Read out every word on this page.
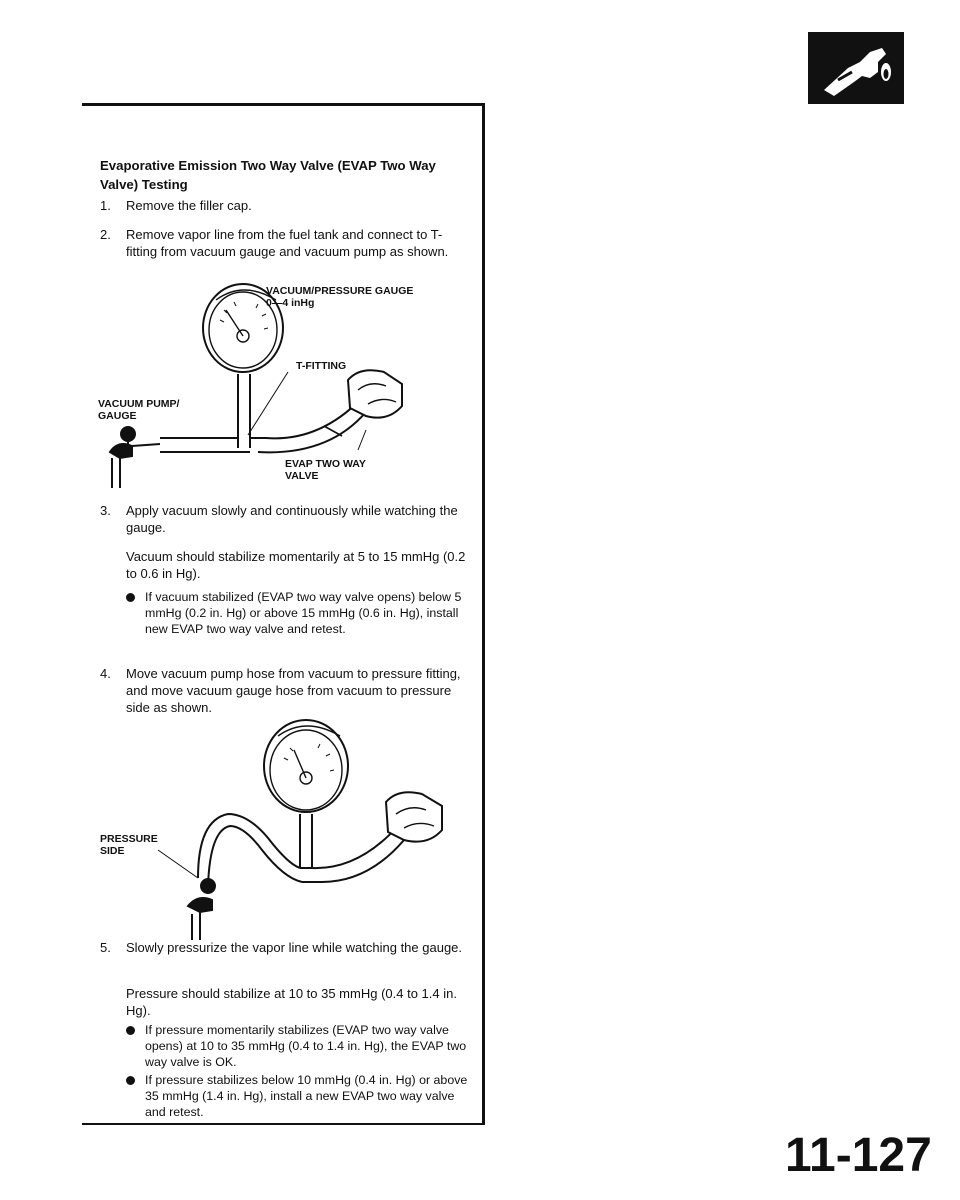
Evaporative Emission Two Way Valve (EVAP Two Way Valve) Testing
1. Remove the filler cap.
2. Remove vapor line from the fuel tank and connect to T-fitting from vacuum gauge and vacuum pump as shown.
VACUUM/PRESSURE GAUGE
0—4 inHg
T-FITTING
VACUUM PUMP/
GAUGE
EVAP TWO WAY
VALVE
3. Apply vacuum slowly and continuously while watching the gauge.
Vacuum should stabilize momentarily at 5 to 15 mmHg (0.2 to 0.6 in Hg).
If vacuum stabilized (EVAP two way valve opens) below 5 mmHg (0.2 in. Hg) or above 15 mmHg (0.6 in. Hg), install new EVAP two way valve and retest.
4. Move vacuum pump hose from vacuum to pressure fitting, and move vacuum gauge hose from vacuum to pressure side as shown.
PRESSURE
SIDE
5. Slowly pressurize the vapor line while watching the gauge.
Pressure should stabilize at 10 to 35 mmHg (0.4 to 1.4 in. Hg).
If pressure momentarily stabilizes (EVAP two way valve opens) at 10 to 35 mmHg (0.4 to 1.4 in. Hg), the EVAP two way valve is OK.
If pressure stabilizes below 10 mmHg (0.4 in. Hg) or above 35 mmHg (1.4 in. Hg), install a new EVAP two way valve and retest.
11-127
